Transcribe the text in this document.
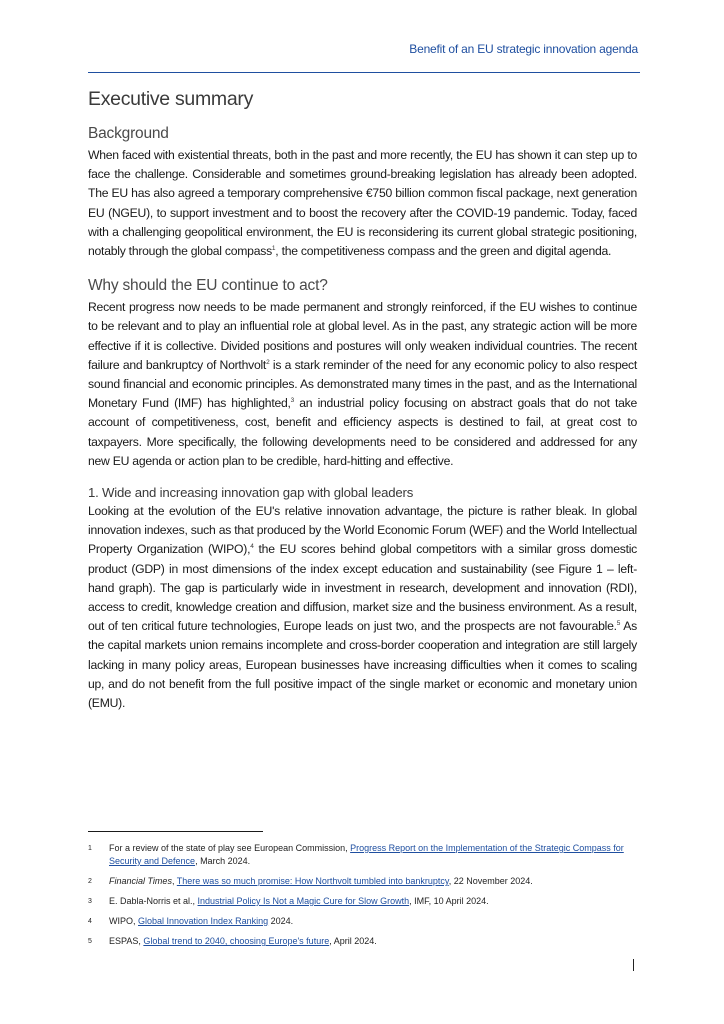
Benefit of an EU strategic innovation agenda
Executive summary
Background

When faced with existential threats, both in the past and more recently, the EU has shown it can step up to face the challenge. Considerable and sometimes ground-breaking legislation has already been adopted. The EU has also agreed a temporary comprehensive €750 billion common fiscal package, next generation EU (NGEU), to support investment and to boost the recovery after the COVID-19 pandemic. Today, faced with a challenging geopolitical environment, the EU is reconsidering its current global strategic positioning, notably through the global compass$^1$, the competitiveness compass and the green and digital agenda.

Why should the EU continue to act?

Recent progress now needs to be made permanent and strongly reinforced, if the EU wishes to continue to be relevant and to play an influential role at global level. As in the past, any strategic action will be more effective if it is collective. Divided positions and postures will only weaken individual countries. The recent failure and bankruptcy of Northvolt$^2$ is a stark reminder of the need for any economic policy to also respect sound financial and economic principles. As demonstrated many times in the past, and as the International Monetary Fund (IMF) has highlighted,$^3$ an industrial policy focusing on abstract goals that do not take account of competitiveness, cost, benefit and efficiency aspects is destined to fail, at great cost to taxpayers. More specifically, the following developments need to be considered and addressed for any new EU agenda or action plan to be credible, hard-hitting and effective.

1. Wide and increasing innovation gap with global leaders

Looking at the evolution of the EU's relative innovation advantage, the picture is rather bleak. In global innovation indexes, such as that produced by the World Economic Forum (WEF) and the World Intellectual Property Organization (WIPO),$^4$ the EU scores behind global competitors with a similar gross domestic product (GDP) in most dimensions of the index except education and sustainability (see Figure 1 – left-hand graph). The gap is particularly wide in investment in research, development and innovation (RDI), access to credit, knowledge creation and diffusion, market size and the business environment. As a result, out of ten critical future technologies, Europe leads on just two, and the prospects are not favourable.$^5$ As the capital markets union remains incomplete and cross-border cooperation and integration are still largely lacking in many policy areas, European businesses have increasing difficulties when it comes to scaling up, and do not benefit from the full positive impact of the single market or economic and monetary union (EMU).

1	For a review of the state of play see European Commission, Progress Report on the Implementation of the Strategic Compass for Security and Defence, March 2024.
2	Financial Times, There was so much promise: How Northvolt tumbled into bankruptcy, 22 November 2024.
3	E. Dabla-Norris et al., Industrial Policy Is Not a Magic Cure for Slow Growth, IMF, 10 April 2024.
4	WIPO, Global Innovation Index Ranking 2024.
5	ESPAS, Global trend to 2040, choosing Europe's future, April 2024.
